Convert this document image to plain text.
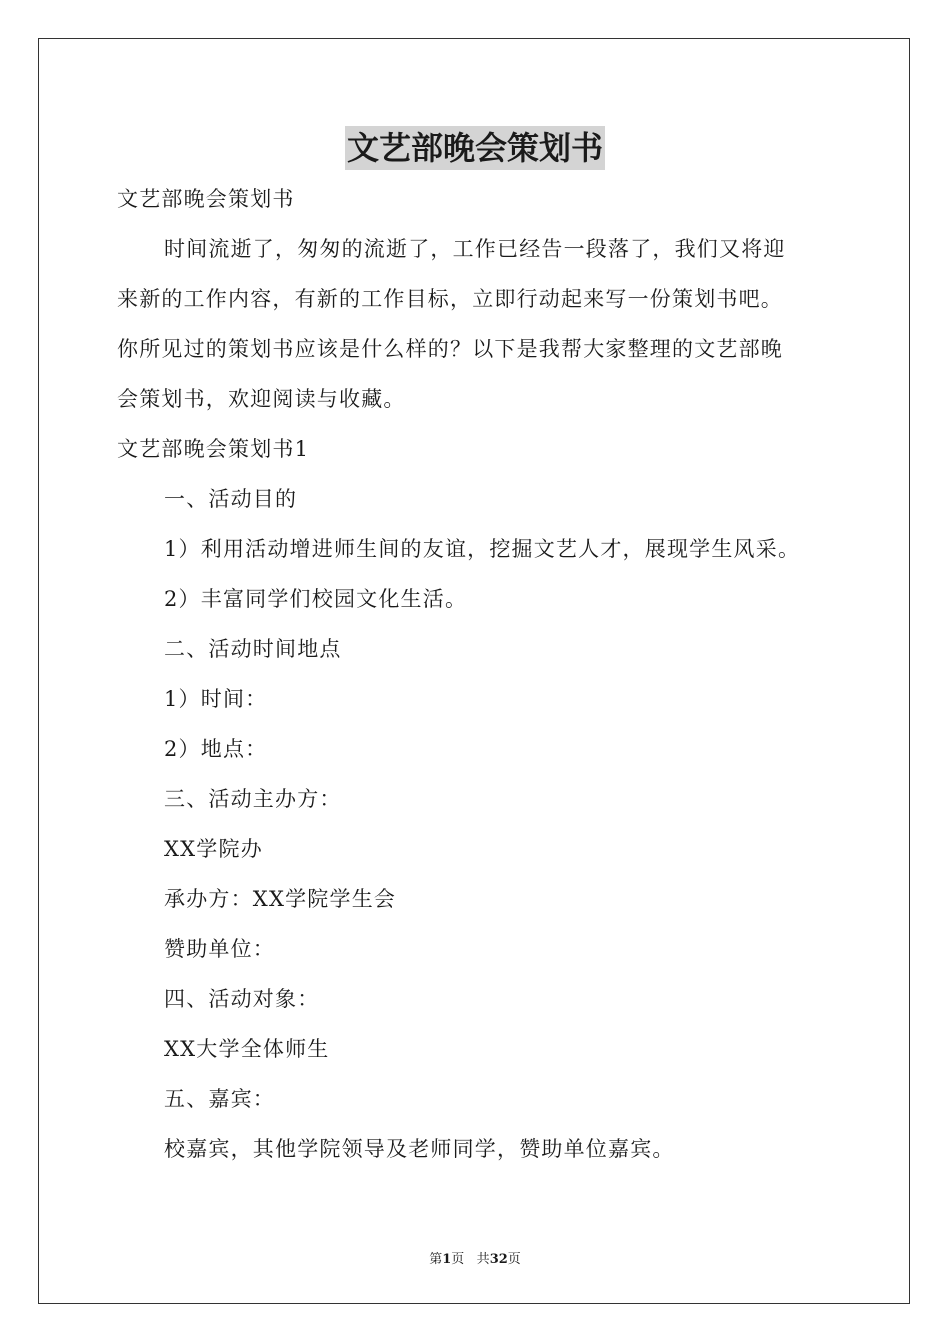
文艺部晚会策划书
文艺部晚会策划书
时间流逝了，匆匆的流逝了，工作已经告一段落了，我们又将迎
来新的工作内容，有新的工作目标，立即行动起来写一份策划书吧。
你所见过的策划书应该是什么样的？以下是我帮大家整理的文艺部晚
会策划书，欢迎阅读与收藏。
文艺部晚会策划书1
一、活动目的
1）利用活动增进师生间的友谊，挖掘文艺人才，展现学生风采。
2）丰富同学们校园文化生活。
二、活动时间地点
1）时间：
2）地点：
三、活动主办方：
XX学院办
承办方：XX学院学生会
赞助单位：
四、活动对象：
XX大学全体师生
五、嘉宾：
校嘉宾，其他学院领导及老师同学，赞助单位嘉宾。
第1页 共32页
